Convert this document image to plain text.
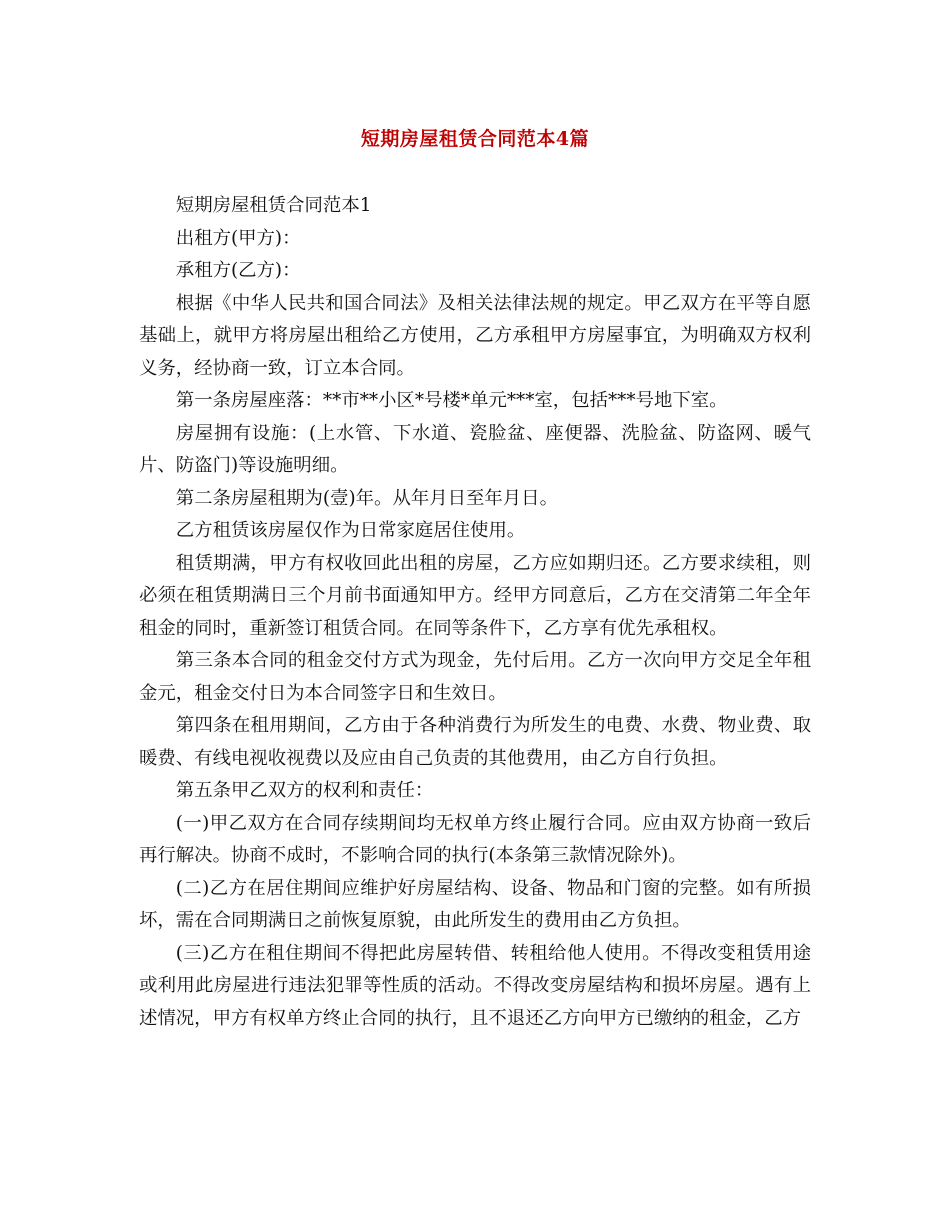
短期房屋租赁合同范本4篇

短期房屋租赁合同范本1

出租方(甲方)：

承租方(乙方)：

根据《中华人民共和国合同法》及相关法律法规的规定。甲乙双方在平等自愿基础上，就甲方将房屋出租给乙方使用，乙方承租甲方房屋事宜，为明确双方权利义务，经协商一致，订立本合同。

第一条房屋座落：**市**小区*号楼*单元***室，包括***号地下室。

房屋拥有设施：(上水管、下水道、瓷脸盆、座便器、洗脸盆、防盗网、暖气片、防盗门)等设施明细。

第二条房屋租期为(壹)年。从年月日至年月日。

乙方租赁该房屋仅作为日常家庭居住使用。

租赁期满，甲方有权收回此出租的房屋，乙方应如期归还。乙方要求续租，则必须在租赁期满日三个月前书面通知甲方。经甲方同意后，乙方在交清第二年全年租金的同时，重新签订租赁合同。在同等条件下，乙方享有优先承租权。

第三条本合同的租金交付方式为现金，先付后用。乙方一次向甲方交足全年租金元，租金交付日为本合同签字日和生效日。

第四条在租用期间，乙方由于各种消费行为所发生的电费、水费、物业费、取暖费、有线电视收视费以及应由自己负责的其他费用，由乙方自行负担。

第五条甲乙双方的权利和责任：

(一)甲乙双方在合同存续期间均无权单方终止履行合同。应由双方协商一致后再行解决。协商不成时，不影响合同的执行(本条第三款情况除外)。

(二)乙方在居住期间应维护好房屋结构、设备、物品和门窗的完整。如有所损坏，需在合同期满日之前恢复原貌，由此所发生的费用由乙方负担。

(三)乙方在租住期间不得把此房屋转借、转租给他人使用。不得改变租赁用途或利用此房屋进行违法犯罪等性质的活动。不得改变房屋结构和损坏房屋。遇有上述情况，甲方有权单方终止合同的执行，且不退还乙方向甲方已缴纳的租金，乙方
